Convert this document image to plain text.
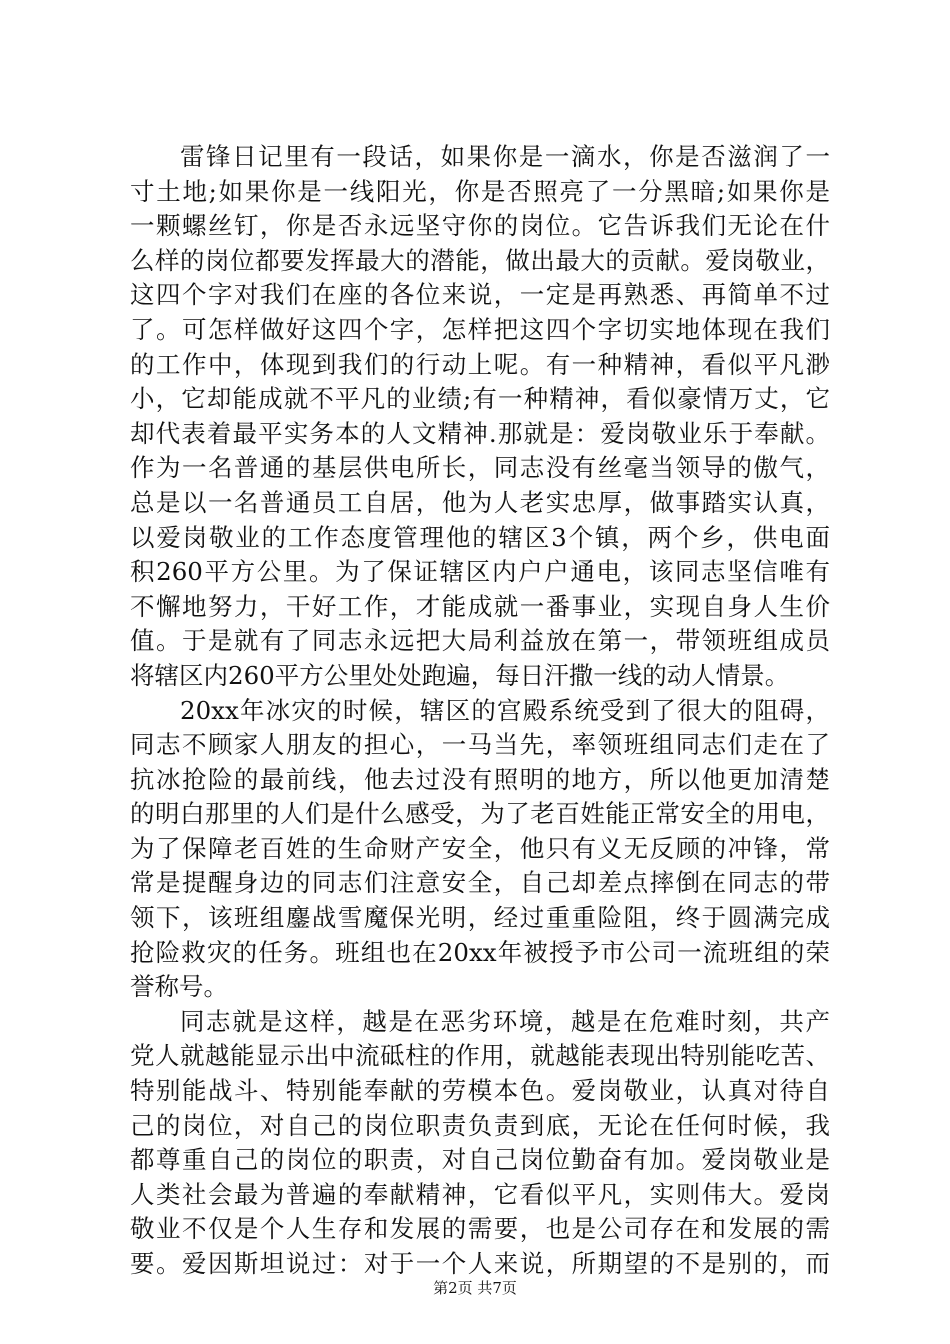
雷锋日记里有一段话，如果你是一滴水，你是否滋润了一
寸土地;如果你是一线阳光，你是否照亮了一分黑暗;如果你是
一颗螺丝钉，你是否永远坚守你的岗位。它告诉我们无论在什
么样的岗位都要发挥最大的潜能，做出最大的贡献。爱岗敬业，
这四个字对我们在座的各位来说，一定是再熟悉、再简单不过
了。可怎样做好这四个字，怎样把这四个字切实地体现在我们
的工作中，体现到我们的行动上呢。有一种精神，看似平凡渺
小，它却能成就不平凡的业绩;有一种精神，看似豪情万丈，它
却代表着最平实务本的人文精神.那就是：爱岗敬业乐于奉献。
作为一名普通的基层供电所长，同志没有丝毫当领导的傲气，
总是以一名普通员工自居，他为人老实忠厚，做事踏实认真，
以爱岗敬业的工作态度管理他的辖区3个镇，两个乡，供电面
积260平方公里。为了保证辖区内户户通电，该同志坚信唯有
不懈地努力，干好工作，才能成就一番事业，实现自身人生价
值。于是就有了同志永远把大局利益放在第一，带领班组成员
将辖区内260平方公里处处跑遍，每日汗撒一线的动人情景。
20xx年冰灾的时候，辖区的宫殿系统受到了很大的阻碍，
同志不顾家人朋友的担心，一马当先，率领班组同志们走在了
抗冰抢险的最前线，他去过没有照明的地方，所以他更加清楚
的明白那里的人们是什么感受，为了老百姓能正常安全的用电，
为了保障老百姓的生命财产安全，他只有义无反顾的冲锋，常
常是提醒身边的同志们注意安全，自己却差点摔倒在同志的带
领下，该班组鏖战雪魔保光明，经过重重险阻，终于圆满完成
抢险救灾的任务。班组也在20xx年被授予市公司一流班组的荣
誉称号。
同志就是这样，越是在恶劣环境，越是在危难时刻，共产
党人就越能显示出中流砥柱的作用，就越能表现出特别能吃苦、
特别能战斗、特别能奉献的劳模本色。爱岗敬业，认真对待自
己的岗位，对自己的岗位职责负责到底，无论在任何时候，我
都尊重自己的岗位的职责，对自己岗位勤奋有加。爱岗敬业是
人类社会最为普遍的奉献精神，它看似平凡，实则伟大。爱岗
敬业不仅是个人生存和发展的需要，也是公司存在和发展的需
要。爱因斯坦说过：对于一个人来说，所期望的不是别的，而
第2页 共7页
